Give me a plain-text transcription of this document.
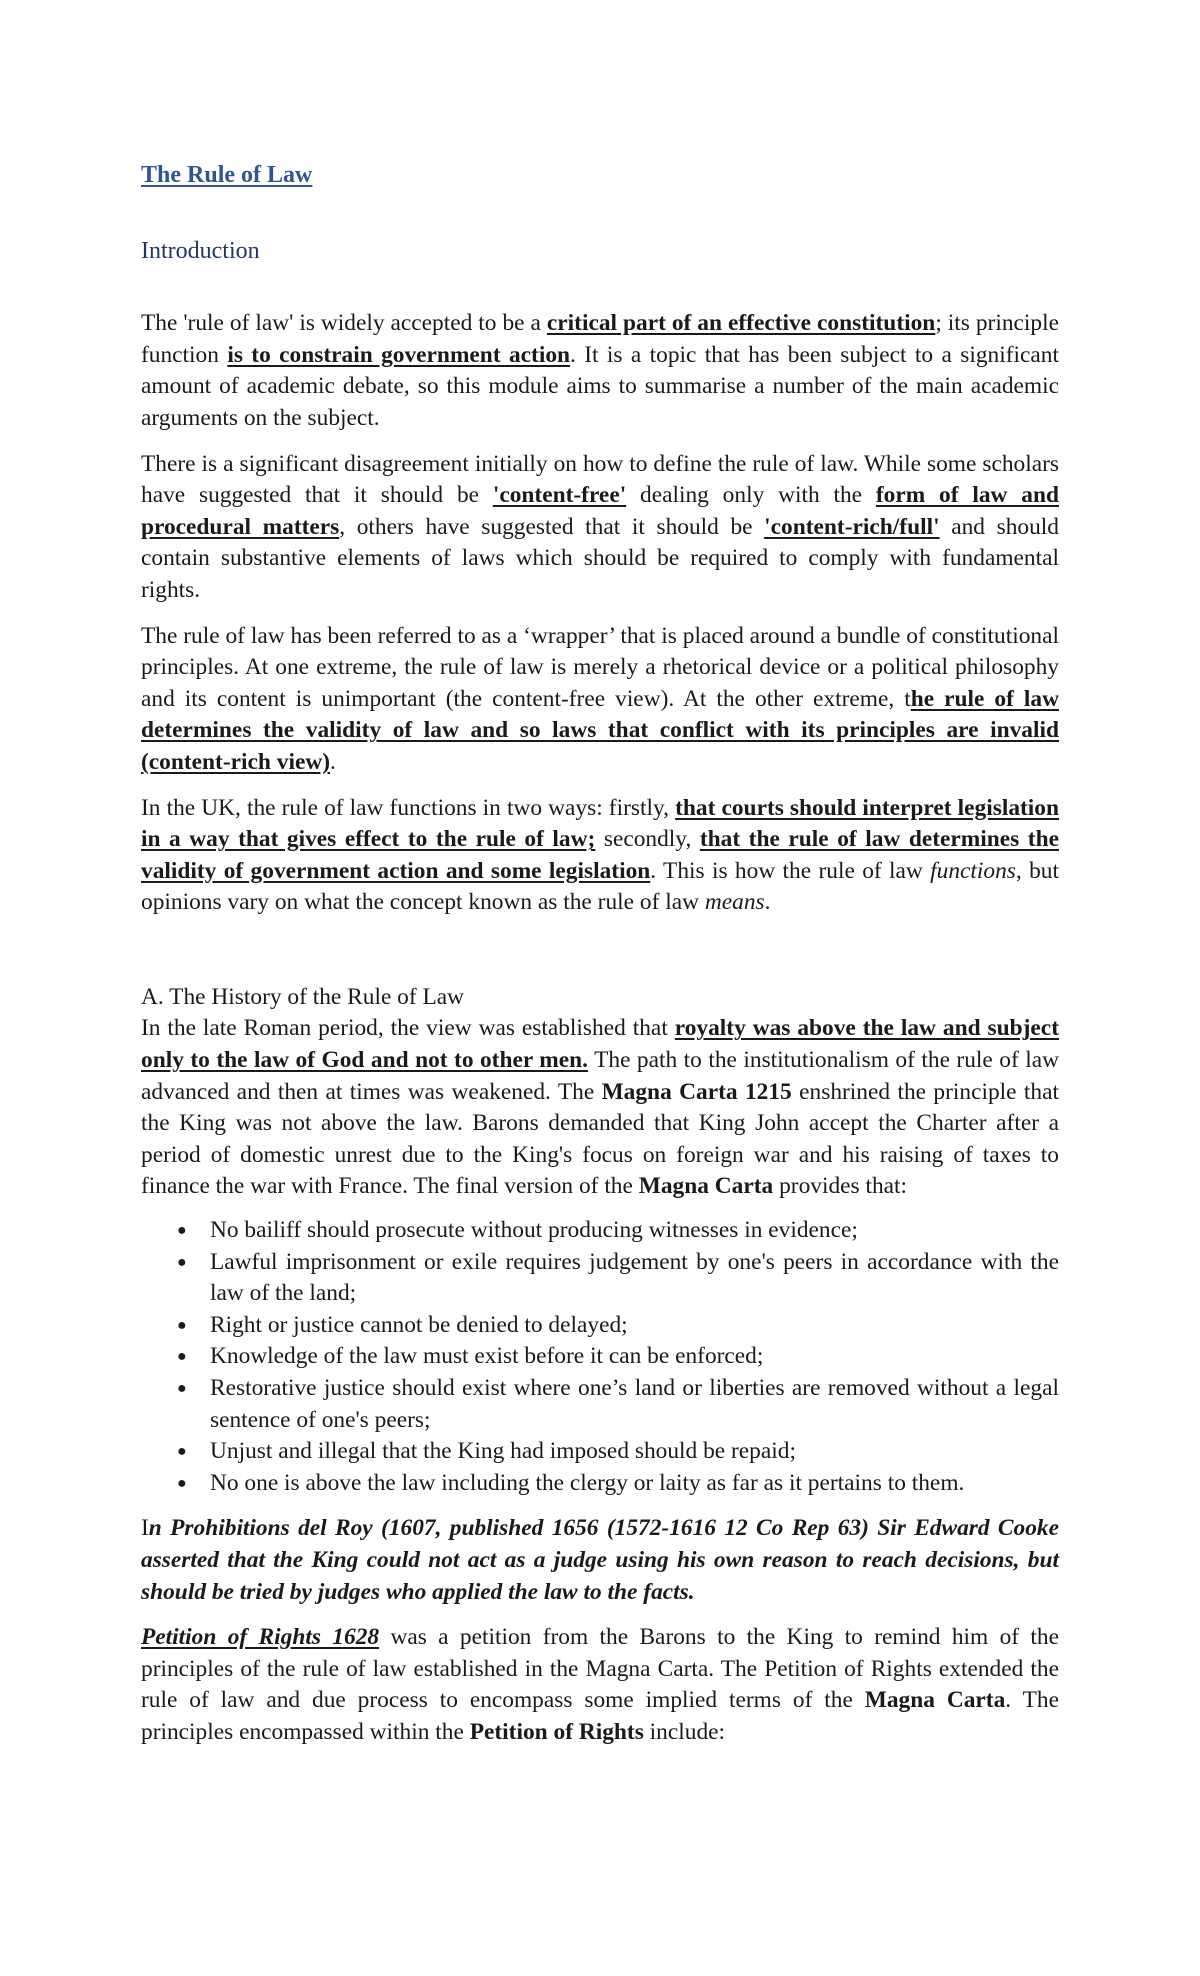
The Rule of Law
Introduction

The 'rule of law' is widely accepted to be a critical part of an effective constitution; its principle function is to constrain government action. It is a topic that has been subject to a significant amount of academic debate, so this module aims to summarise a number of the main academic arguments on the subject.

There is a significant disagreement initially on how to define the rule of law. While some scholars have suggested that it should be 'content-free' dealing only with the form of law and procedural matters, others have suggested that it should be 'content-rich/full' and should contain substantive elements of laws which should be required to comply with fundamental rights.

The rule of law has been referred to as a ‘wrapper’ that is placed around a bundle of constitutional principles. At one extreme, the rule of law is merely a rhetorical device or a political philosophy and its content is unimportant (the content-free view). At the other extreme, the rule of law determines the validity of law and so laws that conflict with its principles are invalid (content-rich view).

In the UK, the rule of law functions in two ways: firstly, that courts should interpret legislation in a way that gives effect to the rule of law; secondly, that the rule of law determines the validity of government action and some legislation. This is how the rule of law functions, but opinions vary on what the concept known as the rule of law means.

A. The History of the Rule of Law

In the late Roman period, the view was established that royalty was above the law and subject only to the law of God and not to other men. The path to the institutionalism of the rule of law advanced and then at times was weakened. The Magna Carta 1215 enshrined the principle that the King was not above the law. Barons demanded that King John accept the Charter after a period of domestic unrest due to the King's focus on foreign war and his raising of taxes to finance the war with France. The final version of the Magna Carta provides that:

● No bailiff should prosecute without producing witnesses in evidence;
● Lawful imprisonment or exile requires judgement by one's peers in accordance with the law of the land;
● Right or justice cannot be denied to delayed;
● Knowledge of the law must exist before it can be enforced;
● Restorative justice should exist where one’s land or liberties are removed without a legal sentence of one's peers;
● Unjust and illegal that the King had imposed should be repaid;
● No one is above the law including the clergy or laity as far as it pertains to them.

In Prohibitions del Roy (1607, published 1656 (1572-1616 12 Co Rep 63) Sir Edward Cooke asserted that the King could not act as a judge using his own reason to reach decisions, but should be tried by judges who applied the law to the facts.

Petition of Rights 1628 was a petition from the Barons to the King to remind him of the principles of the rule of law established in the Magna Carta. The Petition of Rights extended the rule of law and due process to encompass some implied terms of the Magna Carta. The principles encompassed within the Petition of Rights include:
